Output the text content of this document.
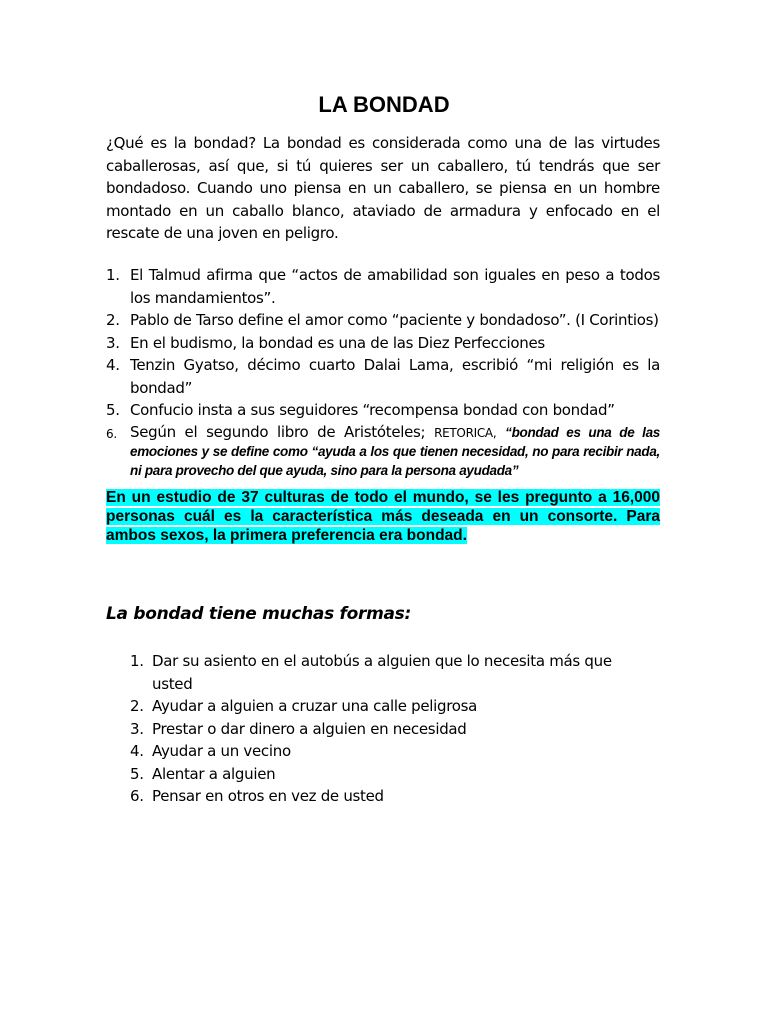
LA BONDAD
¿Qué es la bondad? La bondad es considerada como una de las virtudes caballerosas, así que, si tú quieres ser un caballero, tú tendrás que ser bondadoso. Cuando uno piensa en un caballero, se piensa en un hombre montado en un caballo blanco, ataviado de armadura y enfocado en el rescate de una joven en peligro.
1. El Talmud afirma que “actos de amabilidad son iguales en peso a todos los mandamientos”.
2. Pablo de Tarso define el amor como “paciente y bondadoso”. (I Corintios)
3. En el budismo, la bondad es una de las Diez Perfecciones
4. Tenzin Gyatso, décimo cuarto Dalai Lama, escribió “mi religión es la bondad”
5. Confucio insta a sus seguidores “recompensa bondad con bondad”
6. Según el segundo libro de Aristóteles; RETORICA, “bondad es una de las emociones y se define como “ayuda a los que tienen necesidad, no para recibir nada, ni para provecho del que ayuda, sino para la persona ayudada”
En un estudio de 37 culturas de todo el mundo, se les pregunto a 16,000 personas cuál es la característica más deseada en un consorte. Para ambos sexos, la primera preferencia era bondad.
La bondad tiene muchas formas:
1. Dar su asiento en el autobús a alguien que lo necesita más que usted
2. Ayudar a alguien a cruzar una calle peligrosa
3. Prestar o dar dinero a alguien en necesidad
4. Ayudar a un vecino
5. Alentar a alguien
6. Pensar en otros en vez de usted
